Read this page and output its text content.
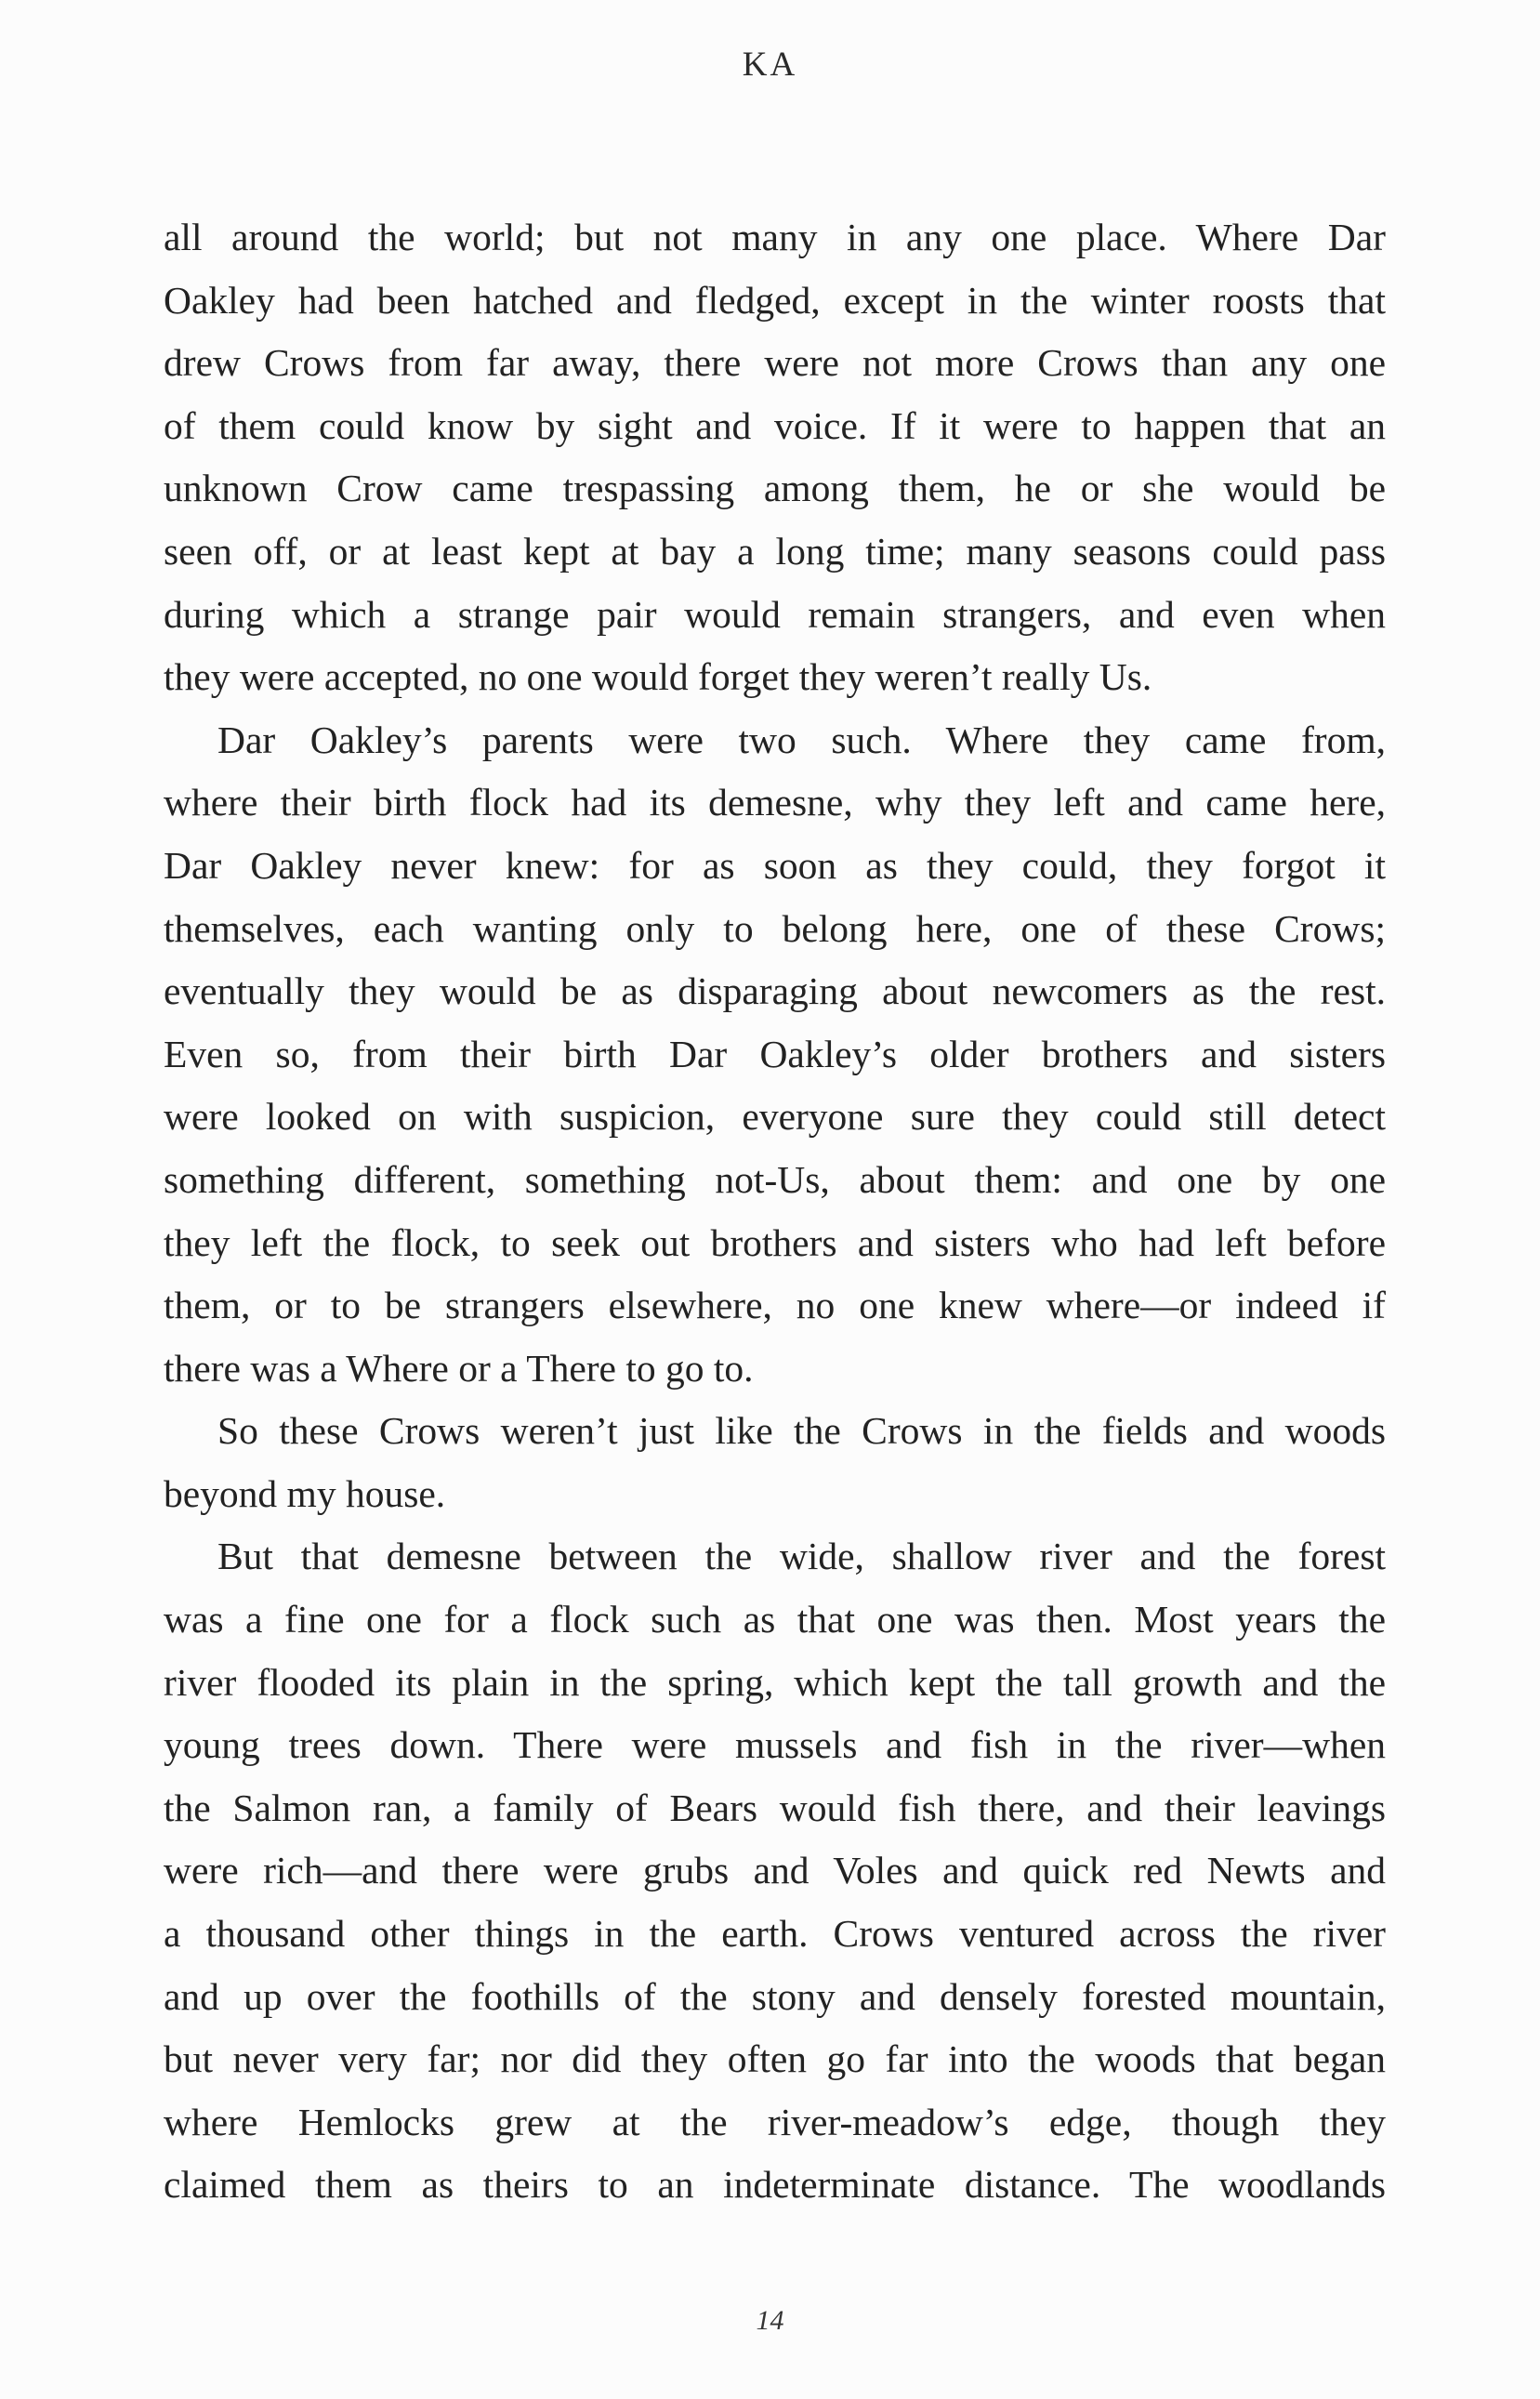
KA
all around the world; but not many in any one place. Where Dar
Oakley had been hatched and fledged, except in the winter roosts that
drew Crows from far away, there were not more Crows than any one
of them could know by sight and voice. If it were to happen that an
unknown Crow came trespassing among them, he or she would be
seen off, or at least kept at bay a long time; many seasons could pass
during which a strange pair would remain strangers, and even when
they were accepted, no one would forget they weren’t really Us.
Dar Oakley’s parents were two such. Where they came from,
where their birth flock had its demesne, why they left and came here,
Dar Oakley never knew: for as soon as they could, they forgot it
themselves, each wanting only to belong here, one of these Crows;
eventually they would be as disparaging about newcomers as the rest.
Even so, from their birth Dar Oakley’s older brothers and sisters
were looked on with suspicion, everyone sure they could still detect
something different, something not-Us, about them: and one by one
they left the flock, to seek out brothers and sisters who had left before
them, or to be strangers elsewhere, no one knew where—or indeed if
there was a Where or a There to go to.
So these Crows weren’t just like the Crows in the fields and woods
beyond my house.
But that demesne between the wide, shallow river and the forest
was a fine one for a flock such as that one was then. Most years the
river flooded its plain in the spring, which kept the tall growth and the
young trees down. There were mussels and fish in the river—when
the Salmon ran, a family of Bears would fish there, and their leavings
were rich—and there were grubs and Voles and quick red Newts and
a thousand other things in the earth. Crows ventured across the river
and up over the foothills of the stony and densely forested mountain,
but never very far; nor did they often go far into the woods that began
where Hemlocks grew at the river-meadow’s edge, though they
claimed them as theirs to an indeterminate distance. The woodlands
14
